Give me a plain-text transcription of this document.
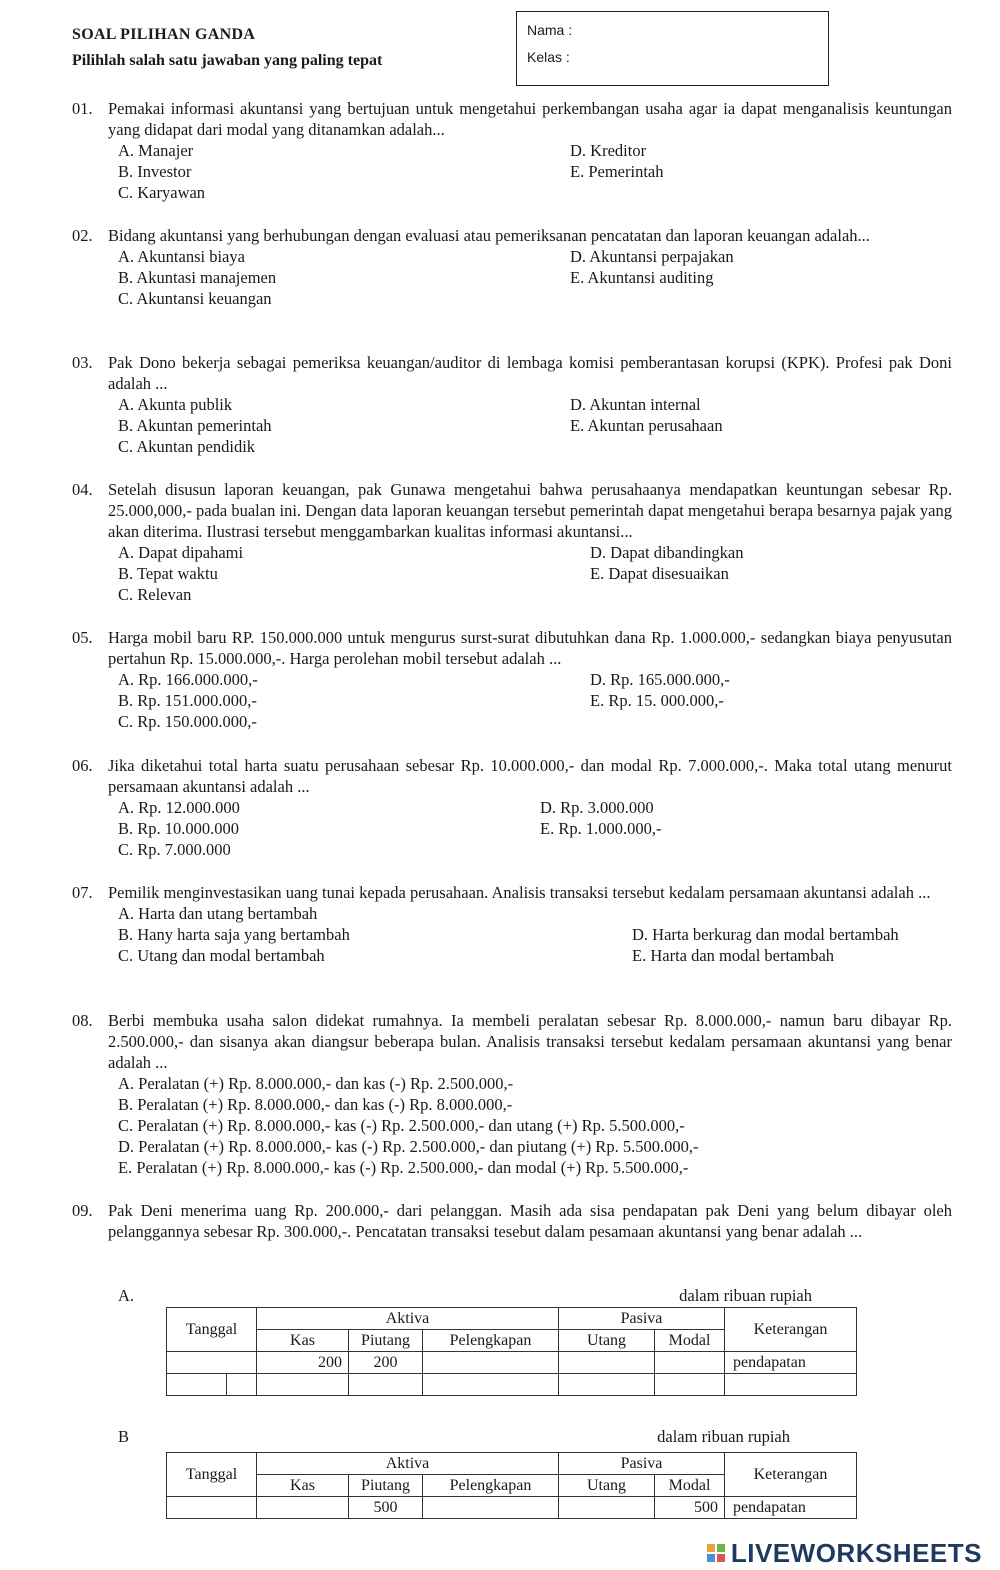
SOAL PILIHAN GANDA
Pilihlah salah satu jawaban yang paling tepat
Nama :
Kelas :
01. Pemakai informasi akuntansi yang bertujuan untuk mengetahui perkembangan usaha agar ia dapat menganalisis keuntungan yang didapat dari modal yang ditanamkan adalah...
A. Manajer
B. Investor
C. Karyawan
D. Kreditor
E. Pemerintah
02. Bidang akuntansi yang berhubungan dengan evaluasi atau pemeriksanan pencatatan dan laporan keuangan adalah...
A. Akuntansi biaya
B. Akuntasi manajemen
C. Akuntansi keuangan
D. Akuntansi perpajakan
E. Akuntansi auditing
03. Pak Dono bekerja sebagai pemeriksa keuangan/auditor di lembaga komisi pemberantasan korupsi (KPK). Profesi pak Doni adalah ...
A. Akunta publik
B. Akuntan pemerintah
C. Akuntan pendidik
D. Akuntan internal
E. Akuntan perusahaan
04. Setelah disusun laporan keuangan, pak Gunawa mengetahui bahwa perusahaanya mendapatkan keuntungan sebesar Rp. 25.000,000,- pada bualan ini. Dengan data laporan keuangan tersebut pemerintah dapat mengetahui berapa besarnya pajak yang akan diterima. Ilustrasi tersebut menggambarkan kualitas informasi akuntansi...
A. Dapat dipahami
B. Tepat waktu
C. Relevan
D. Dapat dibandingkan
E. Dapat disesuaikan
05. Harga mobil baru RP. 150.000.000 untuk mengurus surst-surat dibutuhkan dana Rp. 1.000.000,- sedangkan biaya penyusutan pertahun Rp. 15.000.000,-. Harga perolehan mobil tersebut adalah ...
A. Rp. 166.000.000,-
B. Rp. 151.000.000,-
C. Rp. 150.000.000,-
D. Rp. 165.000.000,-
E. Rp. 15. 000.000,-
06. Jika diketahui total harta suatu perusahaan sebesar Rp. 10.000.000,- dan modal Rp. 7.000.000,-. Maka total utang menurut persamaan akuntansi adalah ...
A. Rp. 12.000.000
B. Rp. 10.000.000
C. Rp. 7.000.000
D. Rp. 3.000.000
E. Rp. 1.000.000,-
07. Pemilik menginvestasikan uang tunai kepada perusahaan. Analisis transaksi tersebut kedalam persamaan akuntansi adalah ...
A. Harta dan utang bertambah
B. Hany harta saja yang bertambah
C. Utang dan modal bertambah
D. Harta berkurag dan modal bertambah
E. Harta dan modal bertambah
08. Berbi membuka usaha salon didekat rumahnya. Ia membeli peralatan sebesar Rp. 8.000.000,- namun baru dibayar Rp. 2.500.000,- dan sisanya akan diangsur beberapa bulan. Analisis transaksi tersebut kedalam persamaan akuntansi yang benar adalah ...
A. Peralatan (+) Rp. 8.000.000,- dan kas (-) Rp. 2.500.000,-
B. Peralatan (+) Rp. 8.000.000,- dan kas (-) Rp. 8.000.000,-
C. Peralatan (+) Rp. 8.000.000,- kas (-) Rp. 2.500.000,- dan utang (+) Rp. 5.500.000,-
D. Peralatan (+) Rp. 8.000.000,- kas (-) Rp. 2.500.000,- dan piutang (+) Rp. 5.500.000,-
E. Peralatan (+) Rp. 8.000.000,- kas (-) Rp. 2.500.000,- dan modal (+) Rp. 5.500.000,-
09. Pak Deni menerima uang Rp. 200.000,- dari pelanggan. Masih ada sisa pendapatan pak Deni yang belum dibayar oleh pelanggannya sebesar Rp. 300.000,-. Pencatatan transaksi tesebut dalam pesamaan akuntansi yang benar adalah ...
A.	dalam ribuan rupiah
Tanggal		Aktiva			Pasiva		Keterangan
		Kas	Piutang	Pelengkapan	Utang	Modal	
		200	200				pendapatan

B	dalam ribuan rupiah
Tanggal	Aktiva			Pasiva		Keterangan
	Kas	Piutang	Pelengkapan	Utang	Modal	
		500			500	pendapatan
LIVEWORKSHEETS
